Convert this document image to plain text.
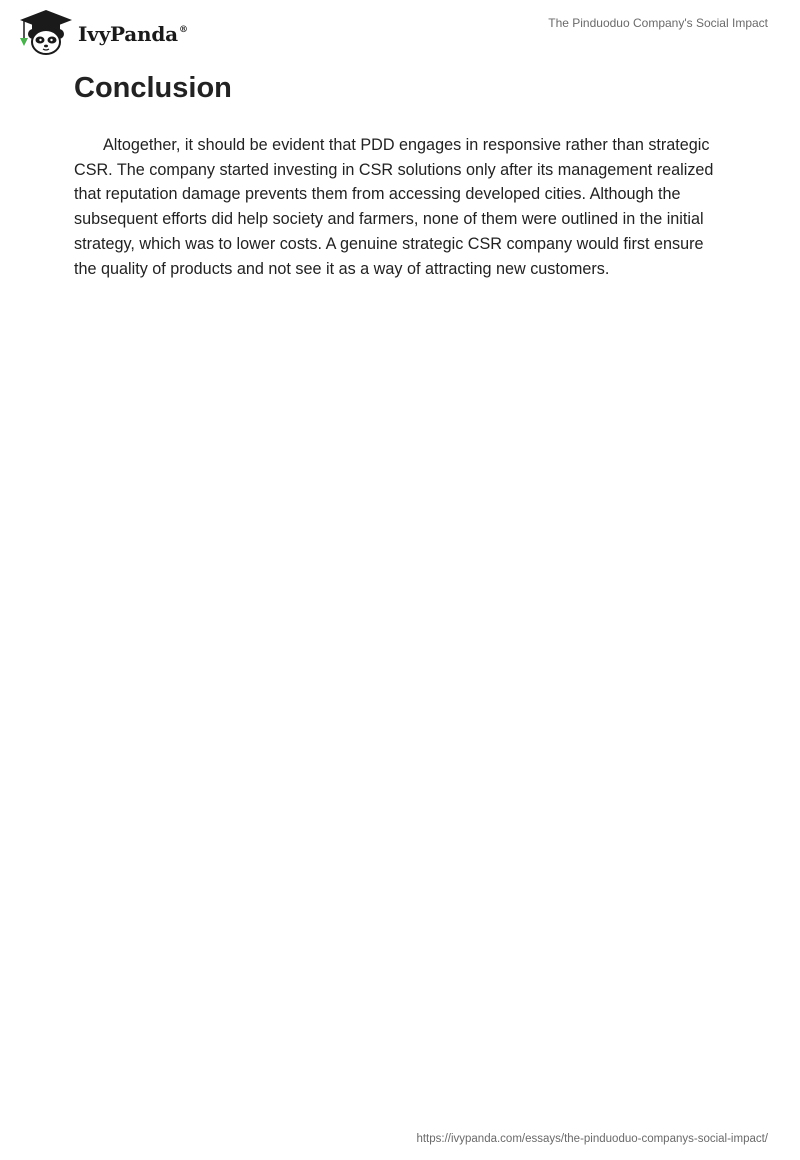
IvyPanda®	The Pinduoduo Company's Social Impact
Conclusion

Altogether, it should be evident that PDD engages in responsive rather than strategic CSR. The company started investing in CSR solutions only after its management realized that reputation damage prevents them from accessing developed cities. Although the subsequent efforts did help society and farmers, none of them were outlined in the initial strategy, which was to lower costs. A genuine strategic CSR company would first ensure the quality of products and not see it as a way of attracting new customers.

https://ivypanda.com/essays/the-pinduoduo-companys-social-impact/
